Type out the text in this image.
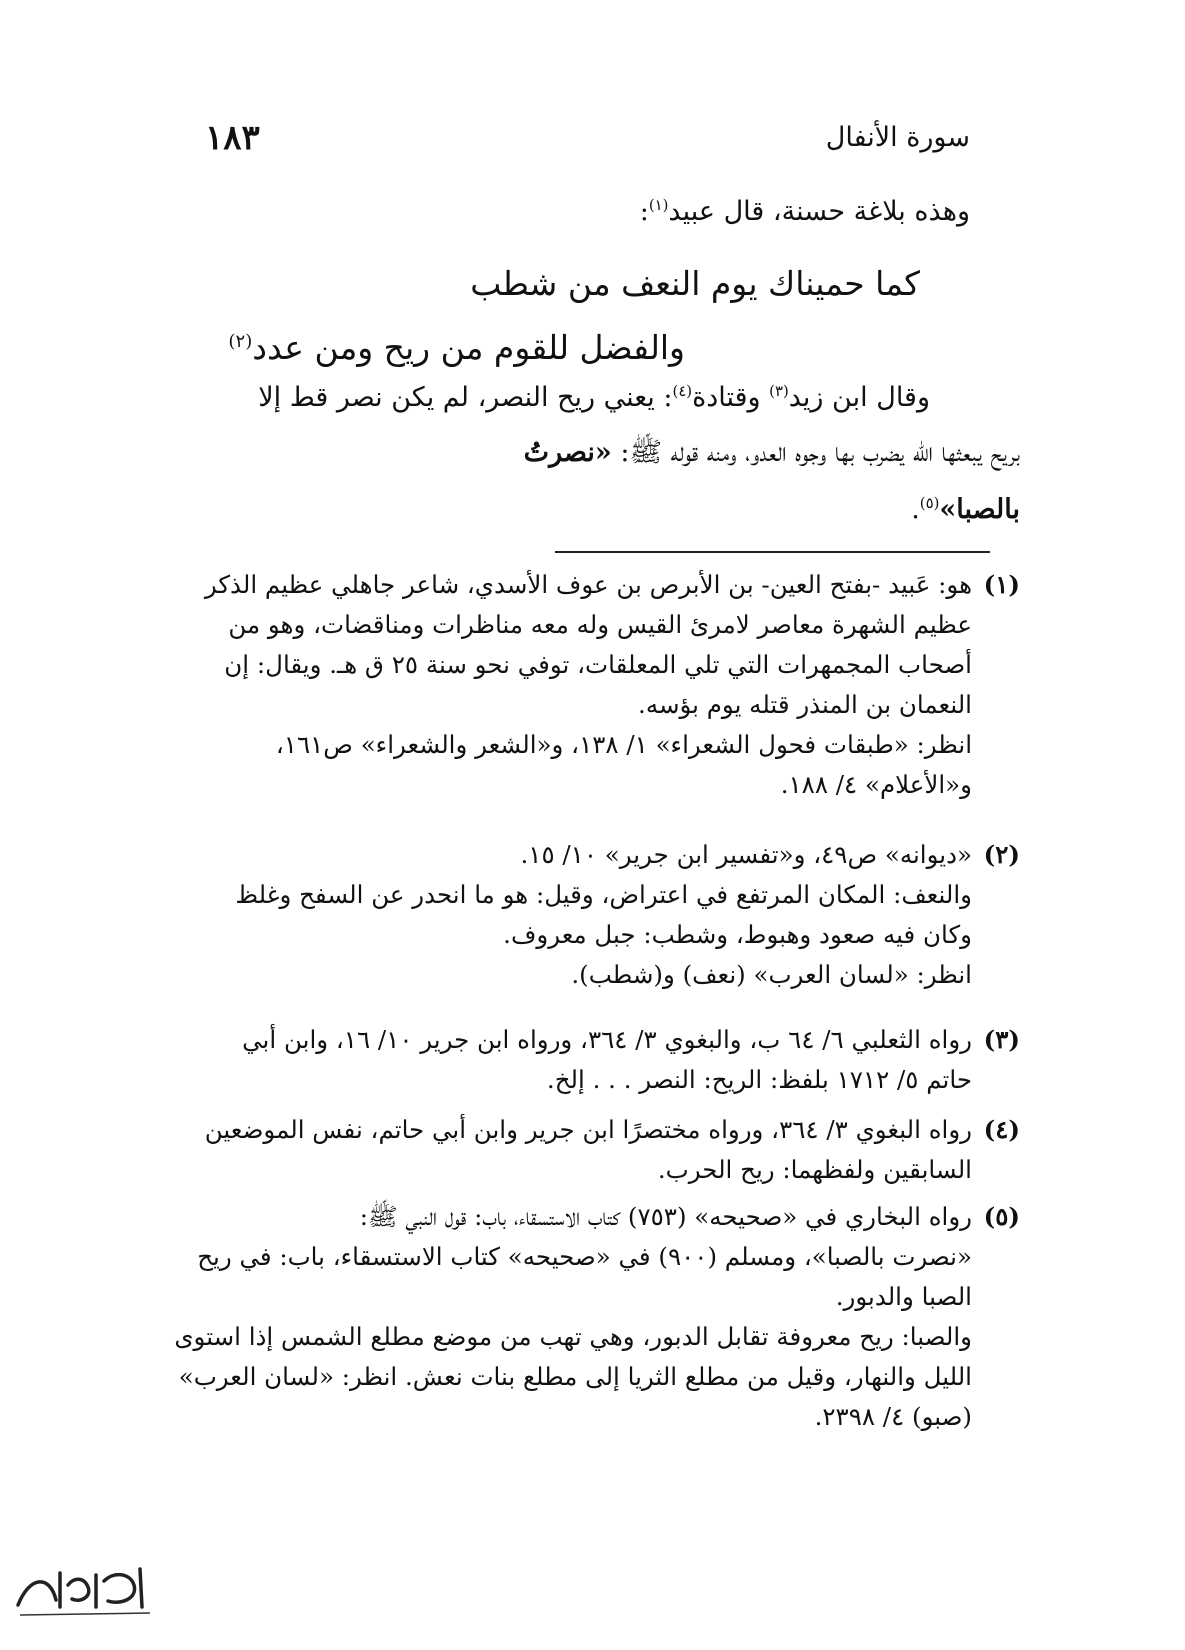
١٨٣	سورة الأنفال

وهذه بلاغة حسنة، قال عبيد$^{(١)}$:

كما حميناك يوم النعف من شطب

والفضل للقوم من ريح ومن عدد$^{(٢)}$

وقال ابن زيد$^{(٣)}$ وقتادة$^{(٤)}$: يعني ريح النصر، لم يكن نصر قط إلا

بريح يبعثها الله يضرب بها وجوه العدو، ومنه قوله ﷺ: «نصرتُ

بالصبا»$^{(٥)}$.

(١)هو: عَبيد -بفتح العين- بن الأبرص بن عوف الأسدي، شاعر جاهلي عظيم الذكر

عظيم الشهرة معاصر لامرئ القيس وله معه مناظرات ومناقضات، وهو من

أصحاب المجمهرات التي تلي المعلقات، توفي نحو سنة ٢٥ ق هـ. ويقال: إن

النعمان بن المنذر قتله يوم بؤسه.

انظر: «طبقات فحول الشعراء» ١/ ١٣٨، و«الشعر والشعراء» ص١٦١،

و«الأعلام» ٤/ ١٨٨.

(٢)«ديوانه» ص٤٩، و«تفسير ابن جرير» ١٠/ ١٥.

والنعف: المكان المرتفع في اعتراض، وقيل: هو ما انحدر عن السفح وغلظ

وكان فيه صعود وهبوط، وشطب: جبل معروف.

انظر: «لسان العرب» (نعف) و(شطب).

(٣)رواه الثعلبي ٦/ ٦٤ ب، والبغوي ٣/ ٣٦٤، ورواه ابن جرير ١٠/ ١٦، وابن أبي

حاتم ٥/ ١٧١٢ بلفظ: الريح: النصر . . . إلخ.

(٤)رواه البغوي ٣/ ٣٦٤، ورواه مختصرًا ابن جرير وابن أبي حاتم، نفس الموضعين

السابقين ولفظهما: ريح الحرب.

(٥)رواه البخاري في «صحيحه» (٧٥٣) كتاب الاستسقاء، باب: قول النبي ﷺ:

«نصرت بالصبا»، ومسلم (٩٠٠) في «صحيحه» كتاب الاستسقاء، باب: في ريح

الصبا والدبور.

والصبا: ريح معروفة تقابل الدبور، وهي تهب من موضع مطلع الشمس إذا استوى

الليل والنهار، وقيل من مطلع الثريا إلى مطلع بنات نعش. انظر: «لسان العرب»

(صبو) ٤/ ٢٣٩٨.
